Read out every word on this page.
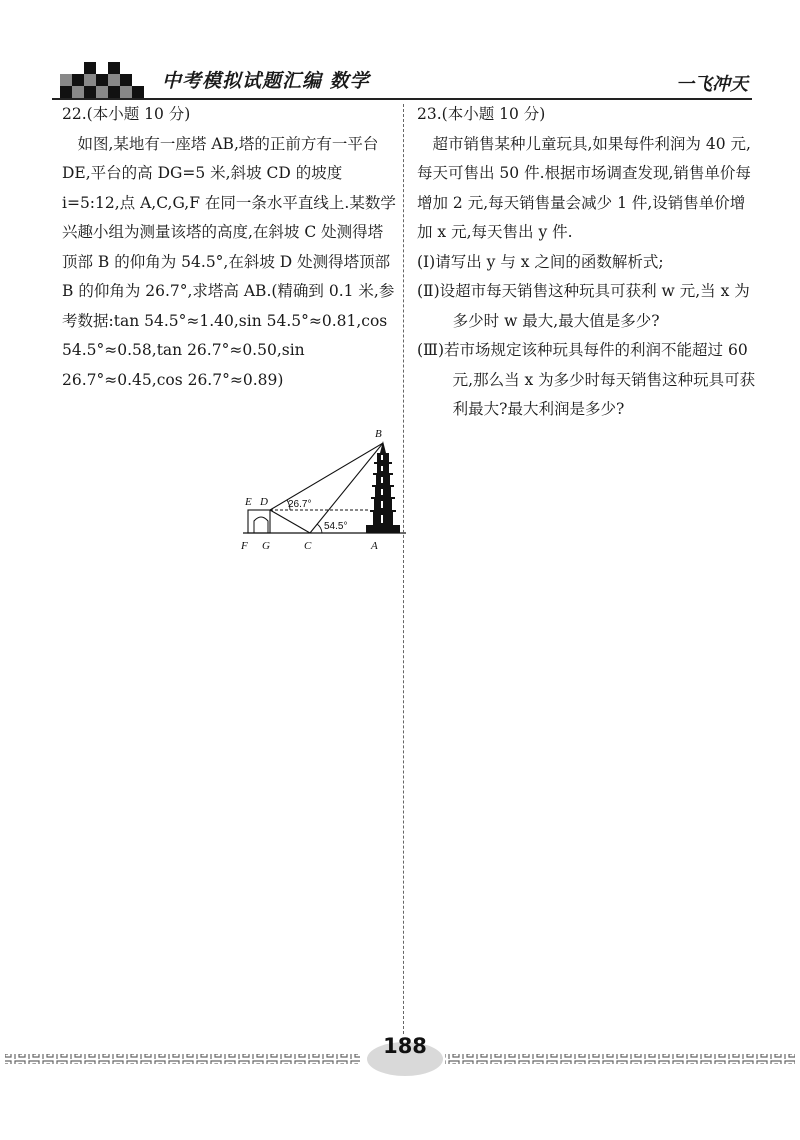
中考模拟试题汇编 数学	一飞冲天

22.(本小题 10 分)

如图,某地有一座塔 AB,塔的正前方有一平台 DE,平台的高 DG=5 米,斜坡 CD 的坡度 i=5:12,点 A,C,G,F 在同一条水平直线上.某数学兴趣小组为测量该塔的高度,在斜坡 C 处测得塔顶部 B 的仰角为 54.5°,在斜坡 D 处测得塔顶部 B 的仰角为 26.7°,求塔高 AB.(精确到 0.1 米,参考数据:tan 54.5°≈1.40,sin 54.5°≈0.81,cos 54.5°≈0.58,tan 26.7°≈0.50,sin 26.7°≈0.45,cos 26.7°≈0.89)

B
E D
F G	C	A
26.7°
54.5°

23.(本小题 10 分)

超市销售某种儿童玩具,如果每件利润为 40 元,每天可售出 50 件.根据市场调查发现,销售单价每增加 2 元,每天销售量会减少 1 件,设销售单价增加 x 元,每天售出 y 件.

(Ⅰ)请写出 y 与 x 之间的函数解析式;

(Ⅱ)设超市每天销售这种玩具可获利 w 元,当 x 为多少时 w 最大,最大值是多少?

(Ⅲ)若市场规定该种玩具每件的利润不能超过 60 元,那么当 x 为多少时每天销售这种玩具可获利最大?最大利润是多少?

188
